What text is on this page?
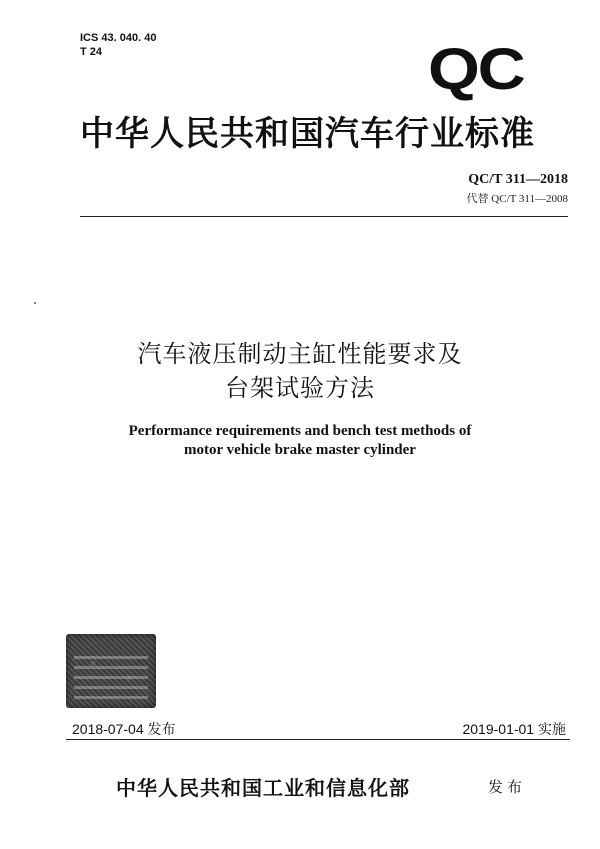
ICS 43. 040. 40
T 24	QC
中华人民共和国汽车行业标准
QC/T 311—2018
代替 QC/T 311—2008
汽车液压制动主缸性能要求及
台架试验方法
Performance requirements and bench test methods of
motor vehicle brake master cylinder
2018-07-04 发布	2019-01-01 实施
中华人民共和国工业和信息化部	发布
